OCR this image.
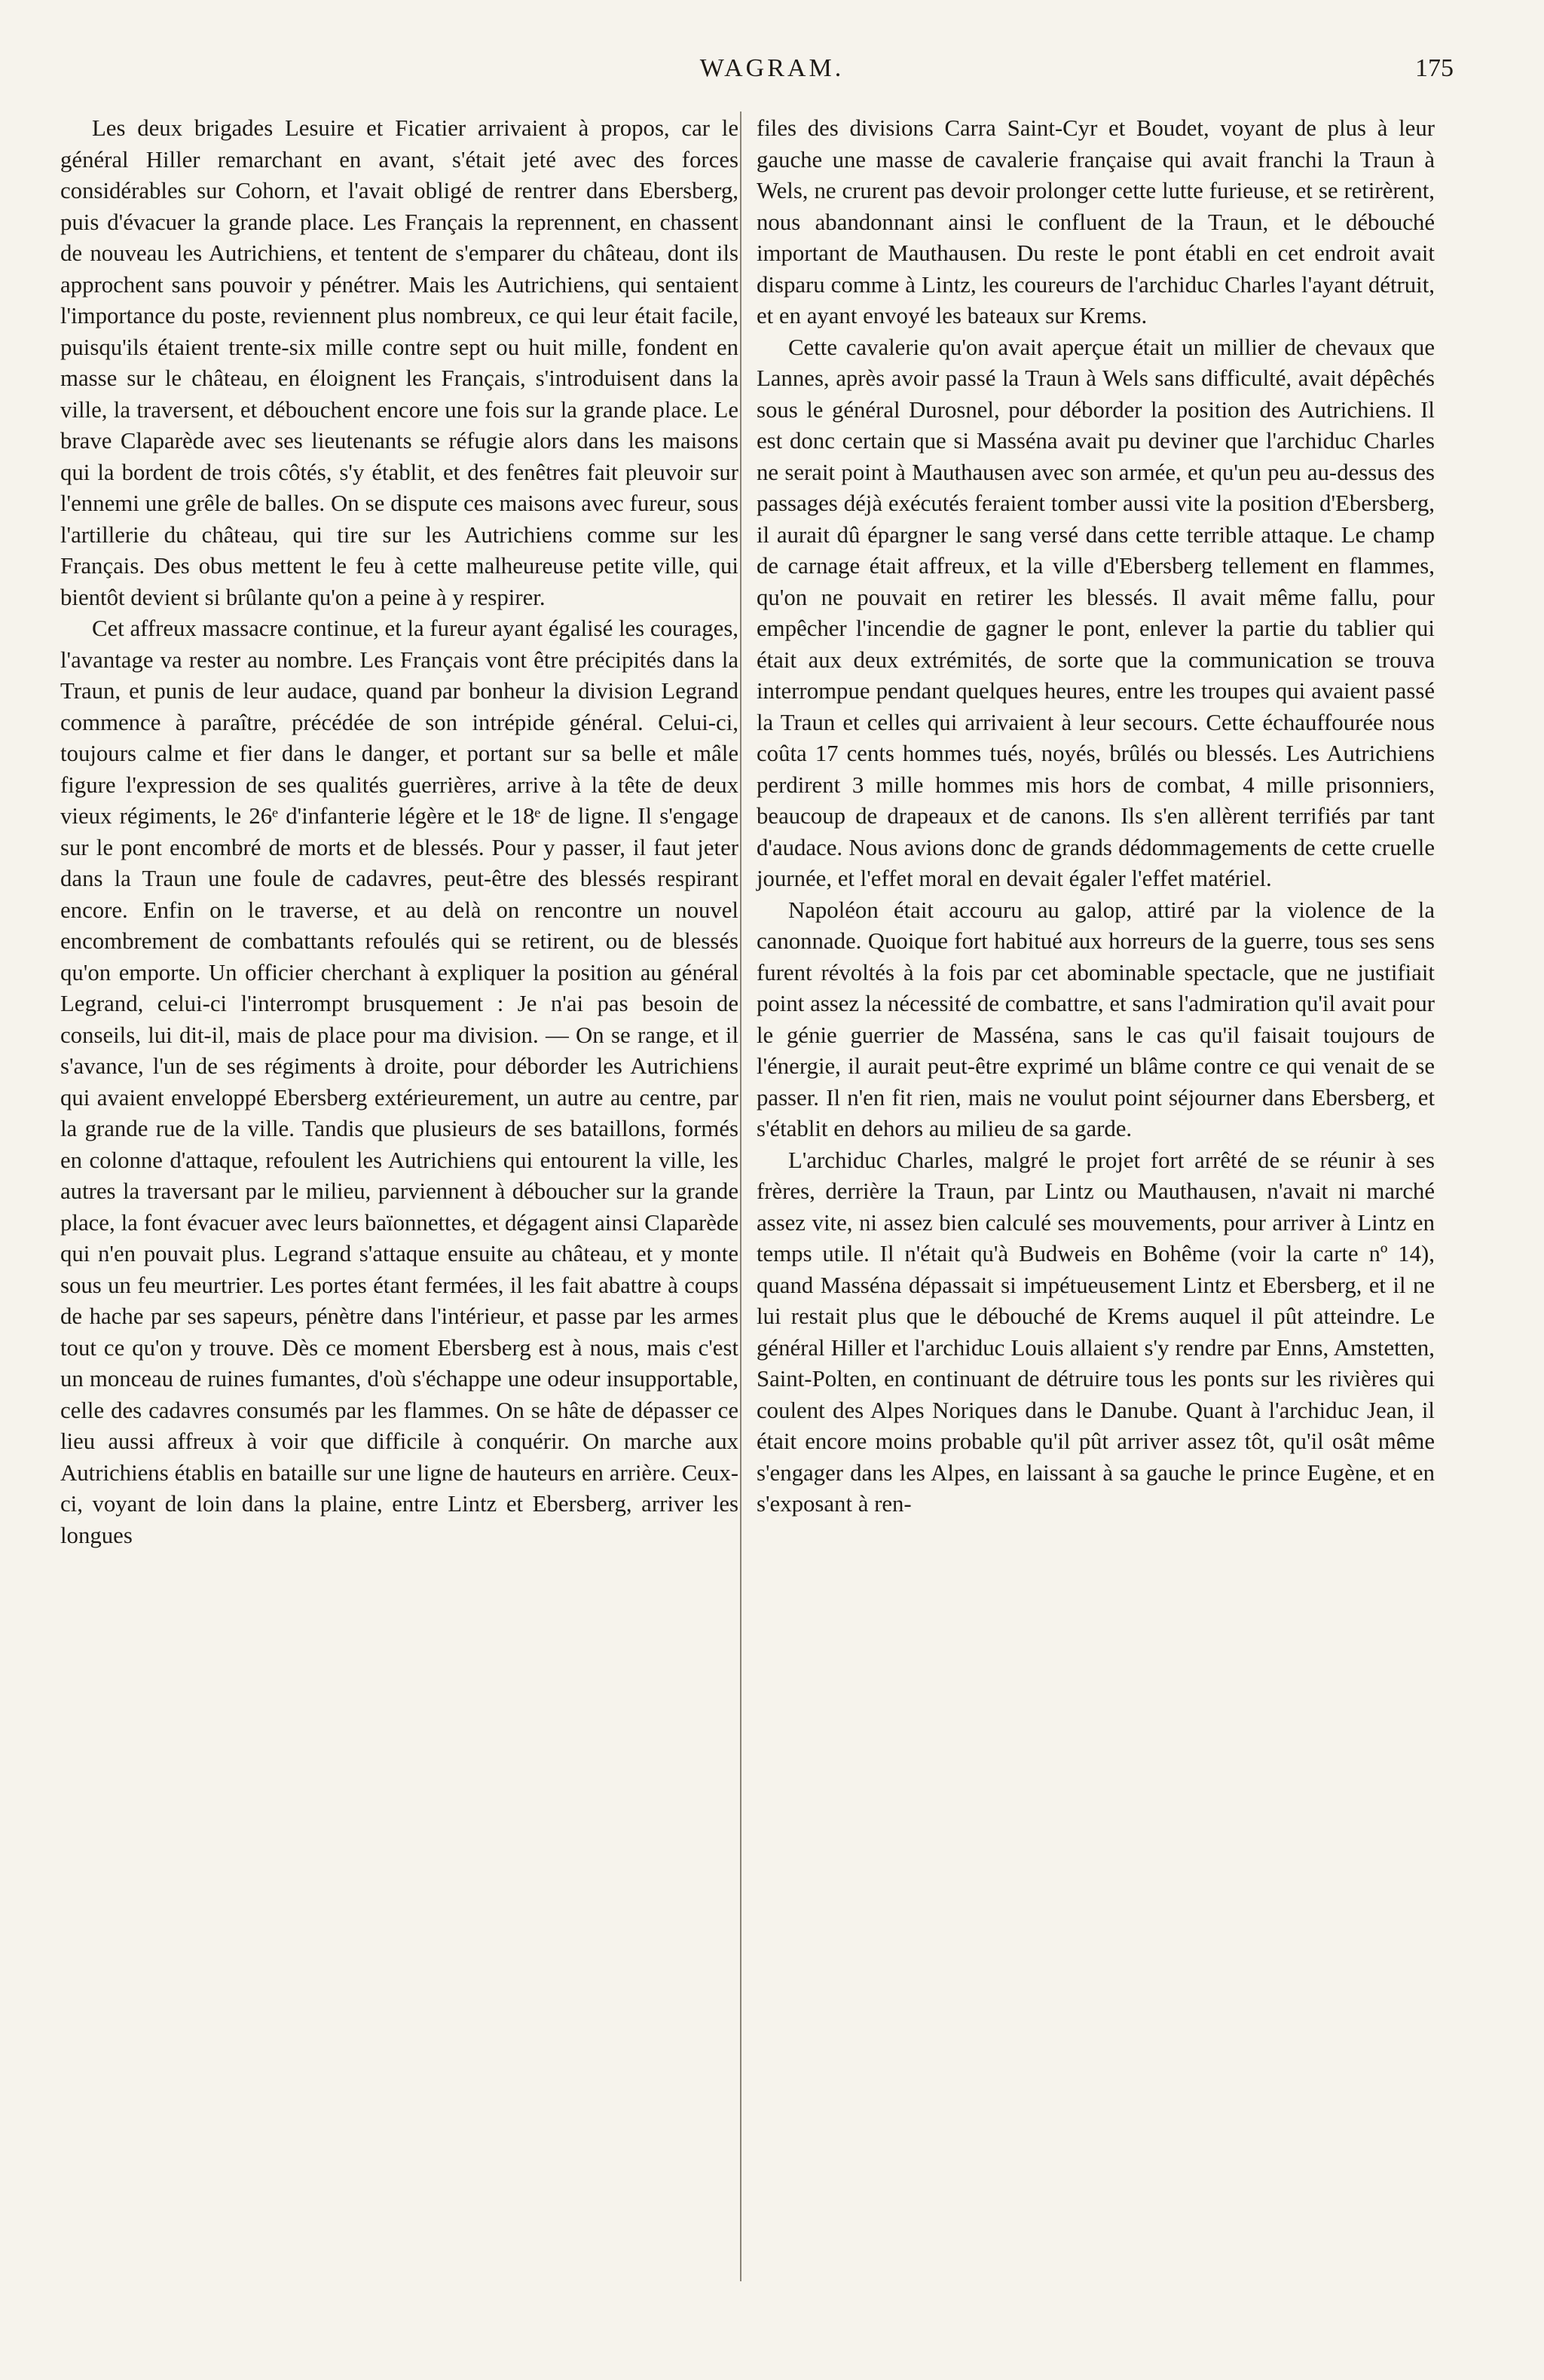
WAGRAM.	175

Les deux brigades Lesuire et Ficatier arrivaient à propos, car le général Hiller remarchant en avant, s'était jeté avec des forces considérables sur Cohorn, et l'avait obligé de rentrer dans Ebersberg, puis d'évacuer la grande place. Les Français la reprennent, en chassent de nouveau les Autrichiens, et tentent de s'emparer du château, dont ils approchent sans pouvoir y pénétrer. Mais les Autrichiens, qui sentaient l'importance du poste, reviennent plus nombreux, ce qui leur était facile, puisqu'ils étaient trente-six mille contre sept ou huit mille, fondent en masse sur le château, en éloignent les Français, s'introduisent dans la ville, la traversent, et débouchent encore une fois sur la grande place. Le brave Claparède avec ses lieutenants se réfugie alors dans les maisons qui la bordent de trois côtés, s'y établit, et des fenêtres fait pleuvoir sur l'ennemi une grêle de balles. On se dispute ces maisons avec fureur, sous l'artillerie du château, qui tire sur les Autrichiens comme sur les Français. Des obus mettent le feu à cette malheureuse petite ville, qui bientôt devient si brûlante qu'on a peine à y respirer.

Cet affreux massacre continue, et la fureur ayant égalisé les courages, l'avantage va rester au nombre. Les Français vont être précipités dans la Traun, et punis de leur audace, quand par bonheur la division Legrand commence à paraître, précédée de son intrépide général. Celui-ci, toujours calme et fier dans le danger, et portant sur sa belle et mâle figure l'expression de ses qualités guerrières, arrive à la tête de deux vieux régiments, le 26ᵉ d'infanterie légère et le 18ᵉ de ligne. Il s'engage sur le pont encombré de morts et de blessés. Pour y passer, il faut jeter dans la Traun une foule de cadavres, peut-être des blessés respirant encore. Enfin on le traverse, et au delà on rencontre un nouvel encombrement de combattants refoulés qui se retirent, ou de blessés qu'on emporte. Un officier cherchant à expliquer la position au général Legrand, celui-ci l'interrompt brusquement : Je n'ai pas besoin de conseils, lui dit-il, mais de place pour ma division. — On se range, et il s'avance, l'un de ses régiments à droite, pour déborder les Autrichiens qui avaient enveloppé Ebersberg extérieurement, un autre au centre, par la grande rue de la ville. Tandis que plusieurs de ses bataillons, formés en colonne d'attaque, refoulent les Autrichiens qui entourent la ville, les autres la traversant par le milieu, parviennent à déboucher sur la grande place, la font évacuer avec leurs baïonnettes, et dégagent ainsi Claparède qui n'en pouvait plus. Legrand s'attaque ensuite au château, et y monte sous un feu meurtrier. Les portes étant fermées, il les fait abattre à coups de hache par ses sapeurs, pénètre dans l'intérieur, et passe par les armes tout ce qu'on y trouve. Dès ce moment Ebersberg est à nous, mais c'est un monceau de ruines fumantes, d'où s'échappe une odeur insupportable, celle des cadavres consumés par les flammes. On se hâte de dépasser ce lieu aussi affreux à voir que difficile à conquérir. On marche aux Autrichiens établis en bataille sur une ligne de hauteurs en arrière. Ceux-ci, voyant de loin dans la plaine, entre Lintz et Ebersberg, arriver les longues

files des divisions Carra Saint-Cyr et Boudet, voyant de plus à leur gauche une masse de cavalerie française qui avait franchi la Traun à Wels, ne crurent pas devoir prolonger cette lutte furieuse, et se retirèrent, nous abandonnant ainsi le confluent de la Traun, et le débouché important de Mauthausen. Du reste le pont établi en cet endroit avait disparu comme à Lintz, les coureurs de l'archiduc Charles l'ayant détruit, et en ayant envoyé les bateaux sur Krems.

Cette cavalerie qu'on avait aperçue était un millier de chevaux que Lannes, après avoir passé la Traun à Wels sans difficulté, avait dépêchés sous le général Durosnel, pour déborder la position des Autrichiens. Il est donc certain que si Masséna avait pu deviner que l'archiduc Charles ne serait point à Mauthausen avec son armée, et qu'un peu au-dessus des passages déjà exécutés feraient tomber aussi vite la position d'Ebersberg, il aurait dû épargner le sang versé dans cette terrible attaque. Le champ de carnage était affreux, et la ville d'Ebersberg tellement en flammes, qu'on ne pouvait en retirer les blessés. Il avait même fallu, pour empêcher l'incendie de gagner le pont, enlever la partie du tablier qui était aux deux extrémités, de sorte que la communication se trouva interrompue pendant quelques heures, entre les troupes qui avaient passé la Traun et celles qui arrivaient à leur secours. Cette échauffourée nous coûta 17 cents hommes tués, noyés, brûlés ou blessés. Les Autrichiens perdirent 3 mille hommes mis hors de combat, 4 mille prisonniers, beaucoup de drapeaux et de canons. Ils s'en allèrent terrifiés par tant d'audace. Nous avions donc de grands dédommagements de cette cruelle journée, et l'effet moral en devait égaler l'effet matériel.

Napoléon était accouru au galop, attiré par la violence de la canonnade. Quoique fort habitué aux horreurs de la guerre, tous ses sens furent révoltés à la fois par cet abominable spectacle, que ne justifiait point assez la nécessité de combattre, et sans l'admiration qu'il avait pour le génie guerrier de Masséna, sans le cas qu'il faisait toujours de l'énergie, il aurait peut-être exprimé un blâme contre ce qui venait de se passer. Il n'en fit rien, mais ne voulut point séjourner dans Ebersberg, et s'établit en dehors au milieu de sa garde.

L'archiduc Charles, malgré le projet fort arrêté de se réunir à ses frères, derrière la Traun, par Lintz ou Mauthausen, n'avait ni marché assez vite, ni assez bien calculé ses mouvements, pour arriver à Lintz en temps utile. Il n'était qu'à Budweis en Bohême (voir la carte nº 14), quand Masséna dépassait si impétueusement Lintz et Ebersberg, et il ne lui restait plus que le débouché de Krems auquel il pût atteindre. Le général Hiller et l'archiduc Louis allaient s'y rendre par Enns, Amstetten, Saint-Polten, en continuant de détruire tous les ponts sur les rivières qui coulent des Alpes Noriques dans le Danube. Quant à l'archiduc Jean, il était encore moins probable qu'il pût arriver assez tôt, qu'il osât même s'engager dans les Alpes, en laissant à sa gauche le prince Eugène, et en s'exposant à ren-
